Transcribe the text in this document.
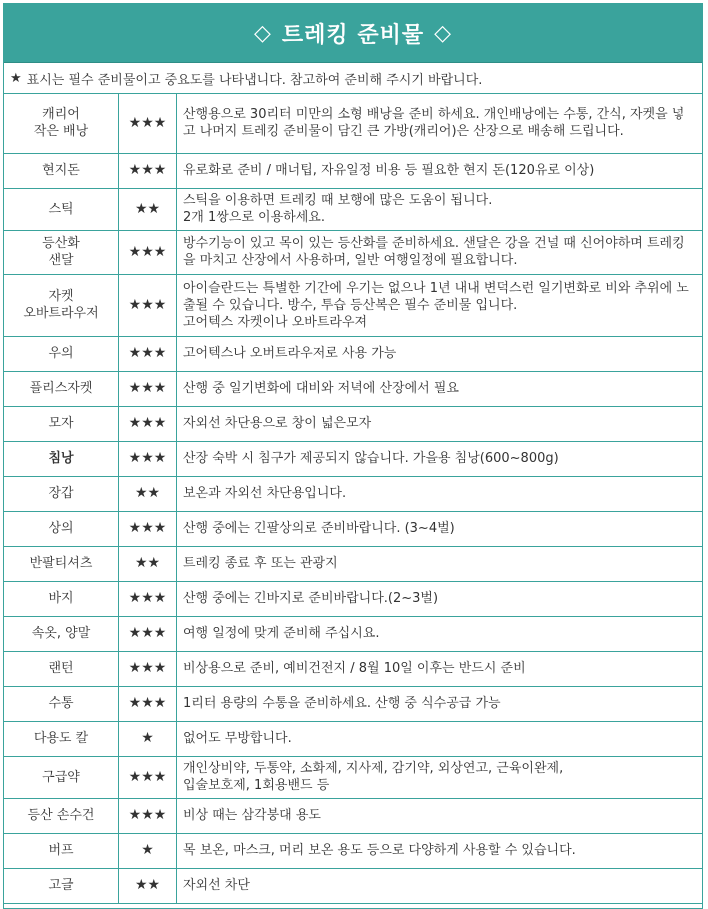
◇ 트레킹 준비물 ◇
★ 표시는 필수 준비물이고 중요도를 나타냅니다. 참고하여 준비해 주시기 바랍니다.
캐리어
작은 배낭	★★★	산행용으로 30리터 미만의 소형 배낭을 준비 하세요. 개인배낭에는 수통, 간식, 자켓을 넣고 나머지 트레킹 준비물이 담긴 큰 가방(캐리어)은 산장으로 배송해 드립니다.
현지돈	★★★	유로화로 준비 / 매너팁, 자유일정 비용 등 필요한 현지 돈(120유로 이상)
스틱	★★	스틱을 이용하면 트레킹 때 보행에 많은 도움이 됩니다.
2개 1쌍으로 이용하세요.
등산화
샌달	★★★	방수기능이 있고 목이 있는 등산화를 준비하세요. 샌달은 강을 건널 때 신어야하며 트레킹을 마치고 산장에서 사용하며, 일반 여행일정에 필요합니다.
자켓
오바트라우저	★★★	아이슬란드는 특별한 기간에 우기는 없으나 1년 내내 변덕스런 일기변화로 비와 추위에 노출될 수 있습니다. 방수, 투습 등산복은 필수 준비물 입니다.
고어텍스 자켓이나 오바트라우져
우의	★★★	고어텍스나 오버트라우저로 사용 가능
플리스자켓	★★★	산행 중 일기변화에 대비와 저녁에 산장에서 필요
모자	★★★	자외선 차단용으로 창이 넓은모자
침낭	★★★	산장 숙박 시 침구가 제공되지 않습니다. 가을용 침낭(600~800g)
장갑	★★	보온과 자외선 차단용입니다.
상의	★★★	산행 중에는 긴팔상의로 준비바랍니다. (3~4벌)
반팔티셔츠	★★	트레킹 종료 후 또는 관광지
바지	★★★	산행 중에는 긴바지로 준비바랍니다.(2~3벌)
속옷, 양말	★★★	여행 일정에 맞게 준비해 주십시요.
랜턴	★★★	비상용으로 준비, 예비건전지 / 8월 10일 이후는 반드시 준비
수통	★★★	1리터 용량의 수통을 준비하세요. 산행 중 식수공급 가능
다용도 칼	★	없어도 무방합니다.
구급약	★★★	개인상비약, 두통약, 소화제, 지사제, 감기약, 외상연고, 근육이완제,
입술보호제, 1회용밴드 등
등산 손수건	★★★	비상 때는 삼각붕대 용도
버프	★	목 보온, 마스크, 머리 보온 용도 등으로 다양하게 사용할 수 있습니다.
고글	★★	자외선 차단
